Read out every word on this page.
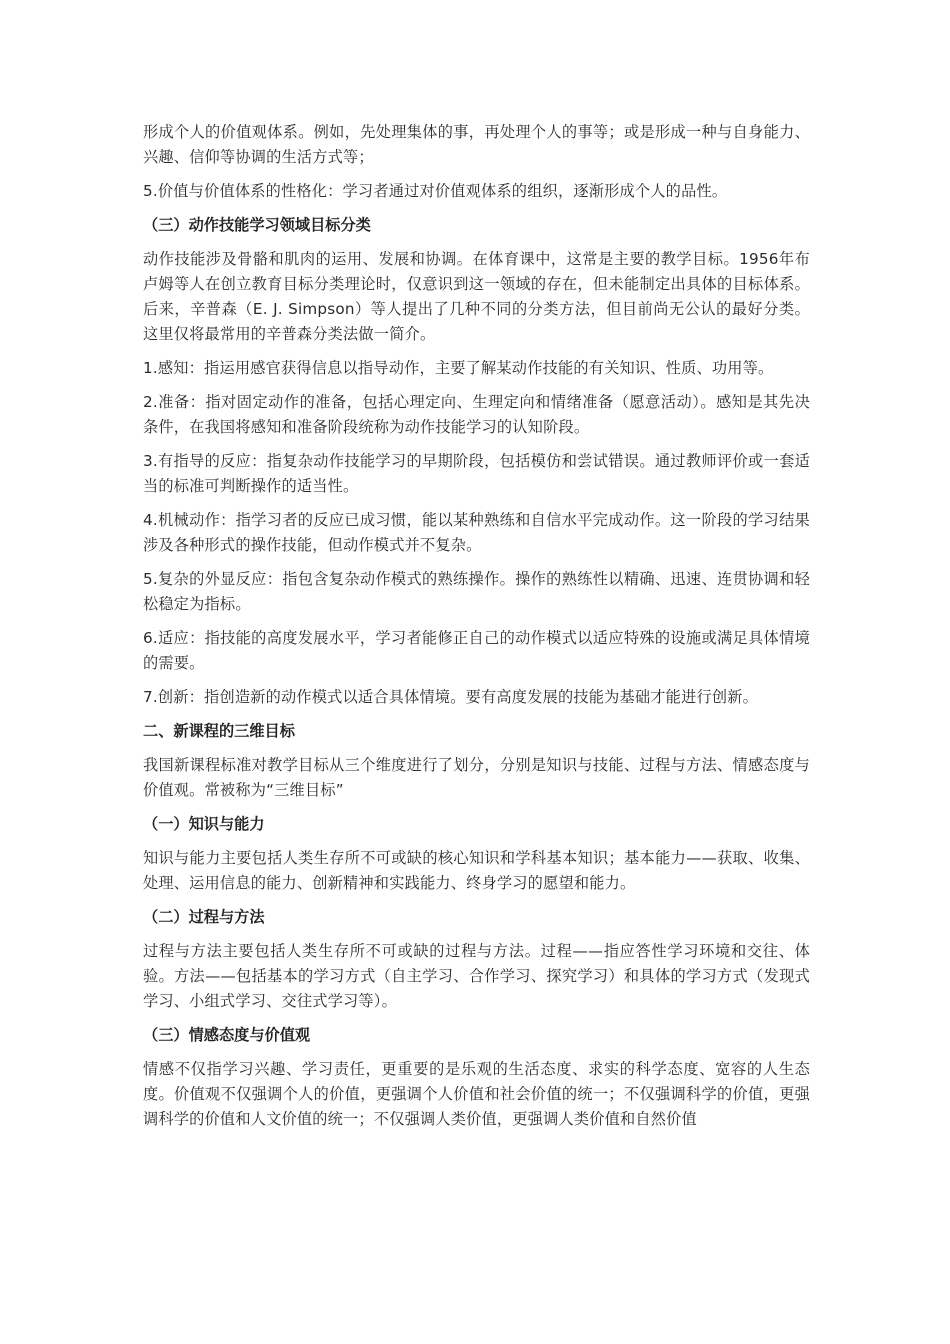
形成个人的价值观体系。例如，先处理集体的事，再处理个人的事等；或是形成一种与自身能力、兴趣、信仰等协调的生活方式等；

5.价值与价值体系的性格化：学习者通过对价值观体系的组织，逐渐形成个人的品性。

（三）动作技能学习领域目标分类

动作技能涉及骨骼和肌肉的运用、发展和协调。在体育课中，这常是主要的教学目标。1956年布卢姆等人在创立教育目标分类理论时，仅意识到这一领域的存在，但未能制定出具体的目标体系。后来，辛普森（E. J. Simpson）等人提出了几种不同的分类方法，但目前尚无公认的最好分类。这里仅将最常用的辛普森分类法做一简介。

1.感知：指运用感官获得信息以指导动作，主要了解某动作技能的有关知识、性质、功用等。

2.准备：指对固定动作的准备，包括心理定向、生理定向和情绪准备（愿意活动）。感知是其先决条件，在我国将感知和准备阶段统称为动作技能学习的认知阶段。

3.有指导的反应：指复杂动作技能学习的早期阶段，包括模仿和尝试错误。通过教师评价或一套适当的标准可判断操作的适当性。

4.机械动作：指学习者的反应已成习惯，能以某种熟练和自信水平完成动作。这一阶段的学习结果涉及各种形式的操作技能，但动作模式并不复杂。

5.复杂的外显反应：指包含复杂动作模式的熟练操作。操作的熟练性以精确、迅速、连贯协调和轻松稳定为指标。

6.适应：指技能的高度发展水平，学习者能修正自己的动作模式以适应特殊的设施或满足具体情境的需要。

7.创新：指创造新的动作模式以适合具体情境。要有高度发展的技能为基础才能进行创新。

二、新课程的三维目标

我国新课程标准对教学目标从三个维度进行了划分，分别是知识与技能、过程与方法、情感态度与价值观。常被称为“三维目标”

（一）知识与能力

知识与能力主要包括人类生存所不可或缺的核心知识和学科基本知识；基本能力——获取、收集、处理、运用信息的能力、创新精神和实践能力、终身学习的愿望和能力。

（二）过程与方法

过程与方法主要包括人类生存所不可或缺的过程与方法。过程——指应答性学习环境和交往、体验。方法——包括基本的学习方式（自主学习、合作学习、探究学习）和具体的学习方式（发现式学习、小组式学习、交往式学习等）。

（三）情感态度与价值观

情感不仅指学习兴趣、学习责任，更重要的是乐观的生活态度、求实的科学态度、宽容的人生态度。价值观不仅强调个人的价值，更强调个人价值和社会价值的统一；不仅强调科学的价值，更强调科学的价值和人文价值的统一；不仅强调人类价值，更强调人类价值和自然价值
